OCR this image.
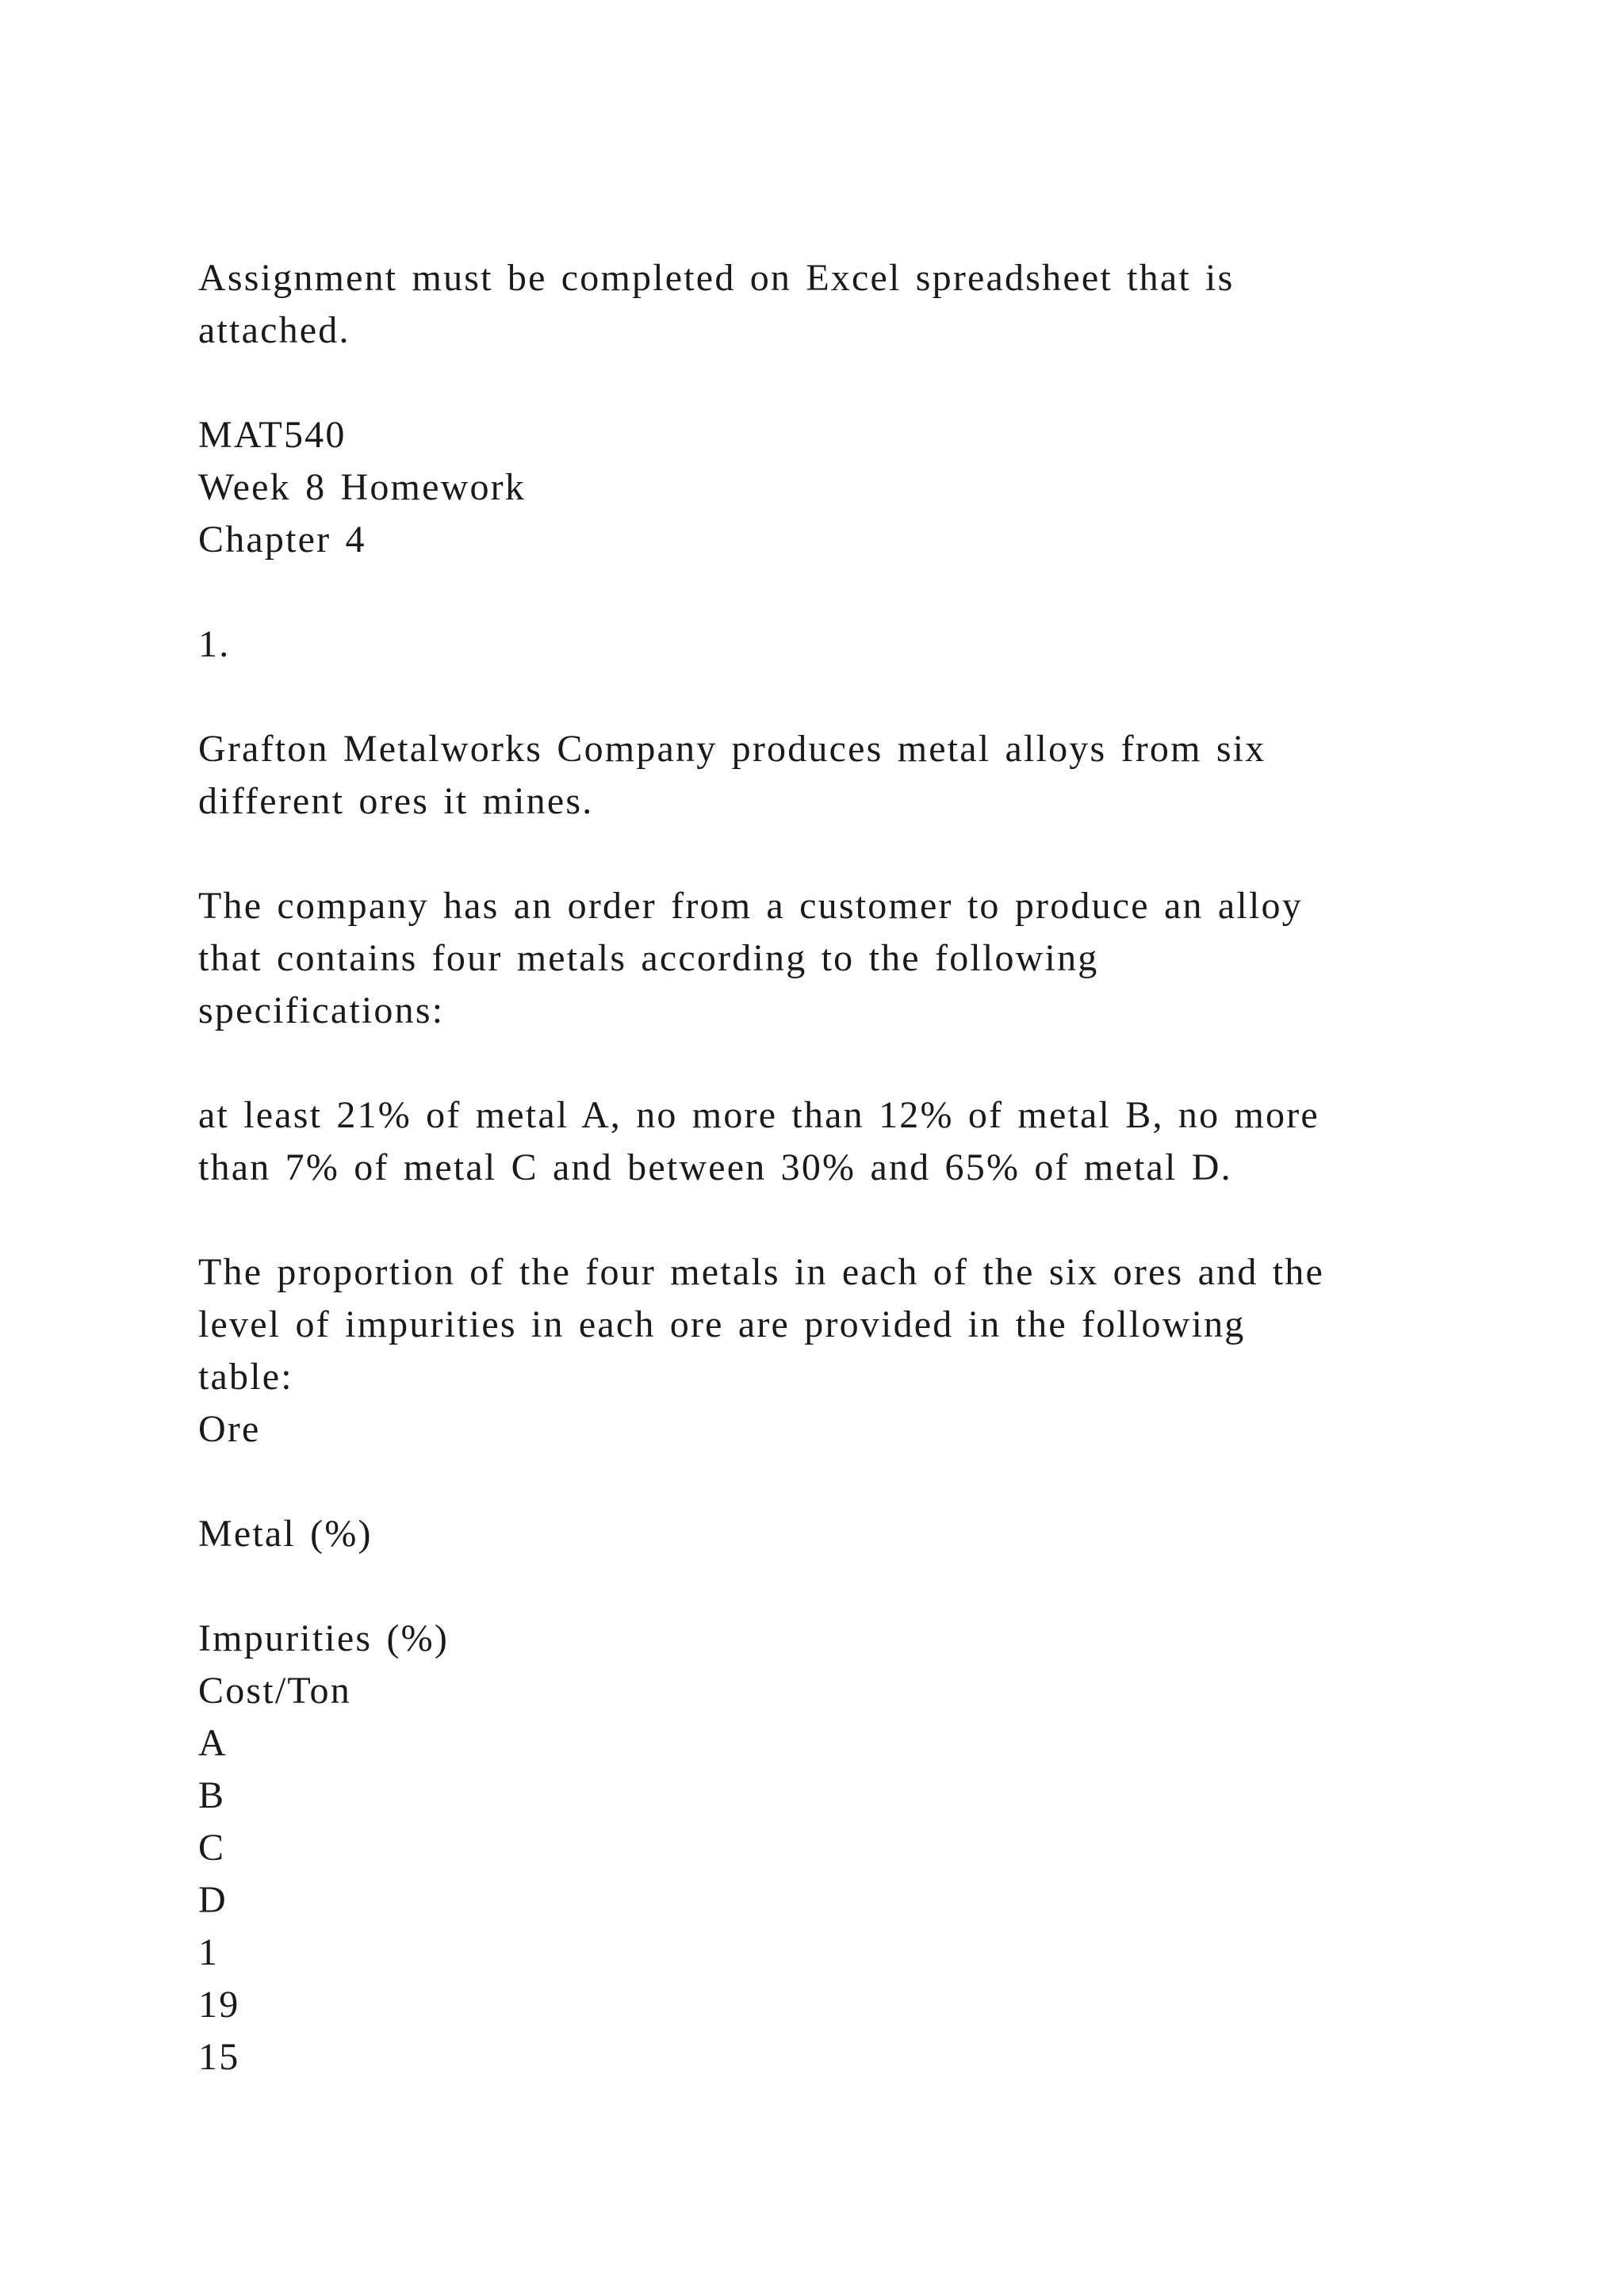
Assignment must be completed on Excel spreadsheet that is
attached.
MAT540
Week 8 Homework
Chapter 4
1.
Grafton Metalworks Company produces metal alloys from six
different ores it mines.
The company has an order from a customer to produce an alloy
that contains four metals according to the following
specifications:
at least 21% of metal A, no more than 12% of metal B, no more
than 7% of metal C and between 30% and 65% of metal D.
The proportion of the four metals in each of the six ores and the
level of impurities in each ore are provided in the following
table:
Ore
Metal (%)
Impurities (%)
Cost/Ton
A
B
C
D
1
19
15
